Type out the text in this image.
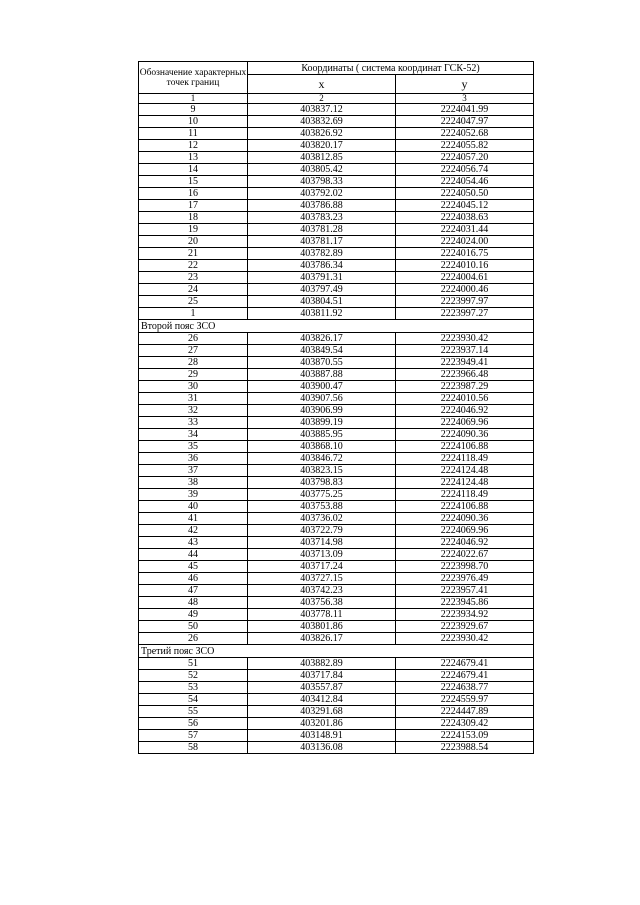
Обозначение характерных точек границ	Координаты ( система координат ГСК-52)	
	x	y
1	2	3
9	403837.12	2224041.99
10	403832.69	2224047.97
11	403826.92	2224052.68
12	403820.17	2224055.82
13	403812.85	2224057.20
14	403805.42	2224056.74
15	403798.33	2224054.46
16	403792.02	2224050.50
17	403786.88	2224045.12
18	403783.23	2224038.63
19	403781.28	2224031.44
20	403781.17	2224024.00
21	403782.89	2224016.75
22	403786.34	2224010.16
23	403791.31	2224004.61
24	403797.49	2224000.46
25	403804.51	2223997.97
1	403811.92	2223997.27
Второй пояс ЗСО		
26	403826.17	2223930.42
27	403849.54	2223937.14
28	403870.55	2223949.41
29	403887.88	2223966.48
30	403900.47	2223987.29
31	403907.56	2224010.56
32	403906.99	2224046.92
33	403899.19	2224069.96
34	403885.95	2224090.36
35	403868.10	2224106.88
36	403846.72	2224118.49
37	403823.15	2224124.48
38	403798.83	2224124.48
39	403775.25	2224118.49
40	403753.88	2224106.88
41	403736.02	2224090.36
42	403722.79	2224069.96
43	403714.98	2224046.92
44	403713.09	2224022.67
45	403717.24	2223998.70
46	403727.15	2223976.49
47	403742.23	2223957.41
48	403756.38	2223945.86
49	403778.11	2223934.92
50	403801.86	2223929.67
26	403826.17	2223930.42
Третий пояс ЗСО		
51	403882.89	2224679.41
52	403717.84	2224679.41
53	403557.87	2224638.77
54	403412.84	2224559.97
55	403291.68	2224447.89
56	403201.86	2224309.42
57	403148.91	2224153.09
58	403136.08	2223988.54
